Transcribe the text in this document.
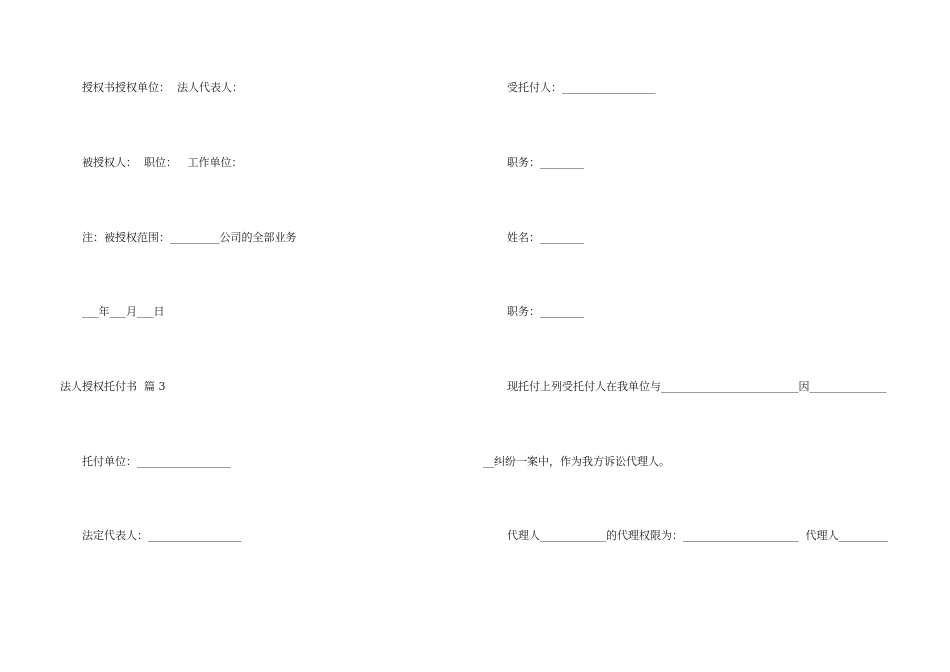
授权书授权单位：  法人代表人：
被授权人：  职位：   工作单位：
注：被授权范围：_________公司的全部业务
___年___月___日
法人授权托付书  篇 3
托付单位：_________________
法定代表人：_________________
受托付人：_________________
职务：________
姓名：________
职务：________
现托付上列受托付人在我单位与_________________________因______________
__纠纷一案中，作为我方诉讼代理人。
代理人____________的代理权限为：_____________________  代理人_________
